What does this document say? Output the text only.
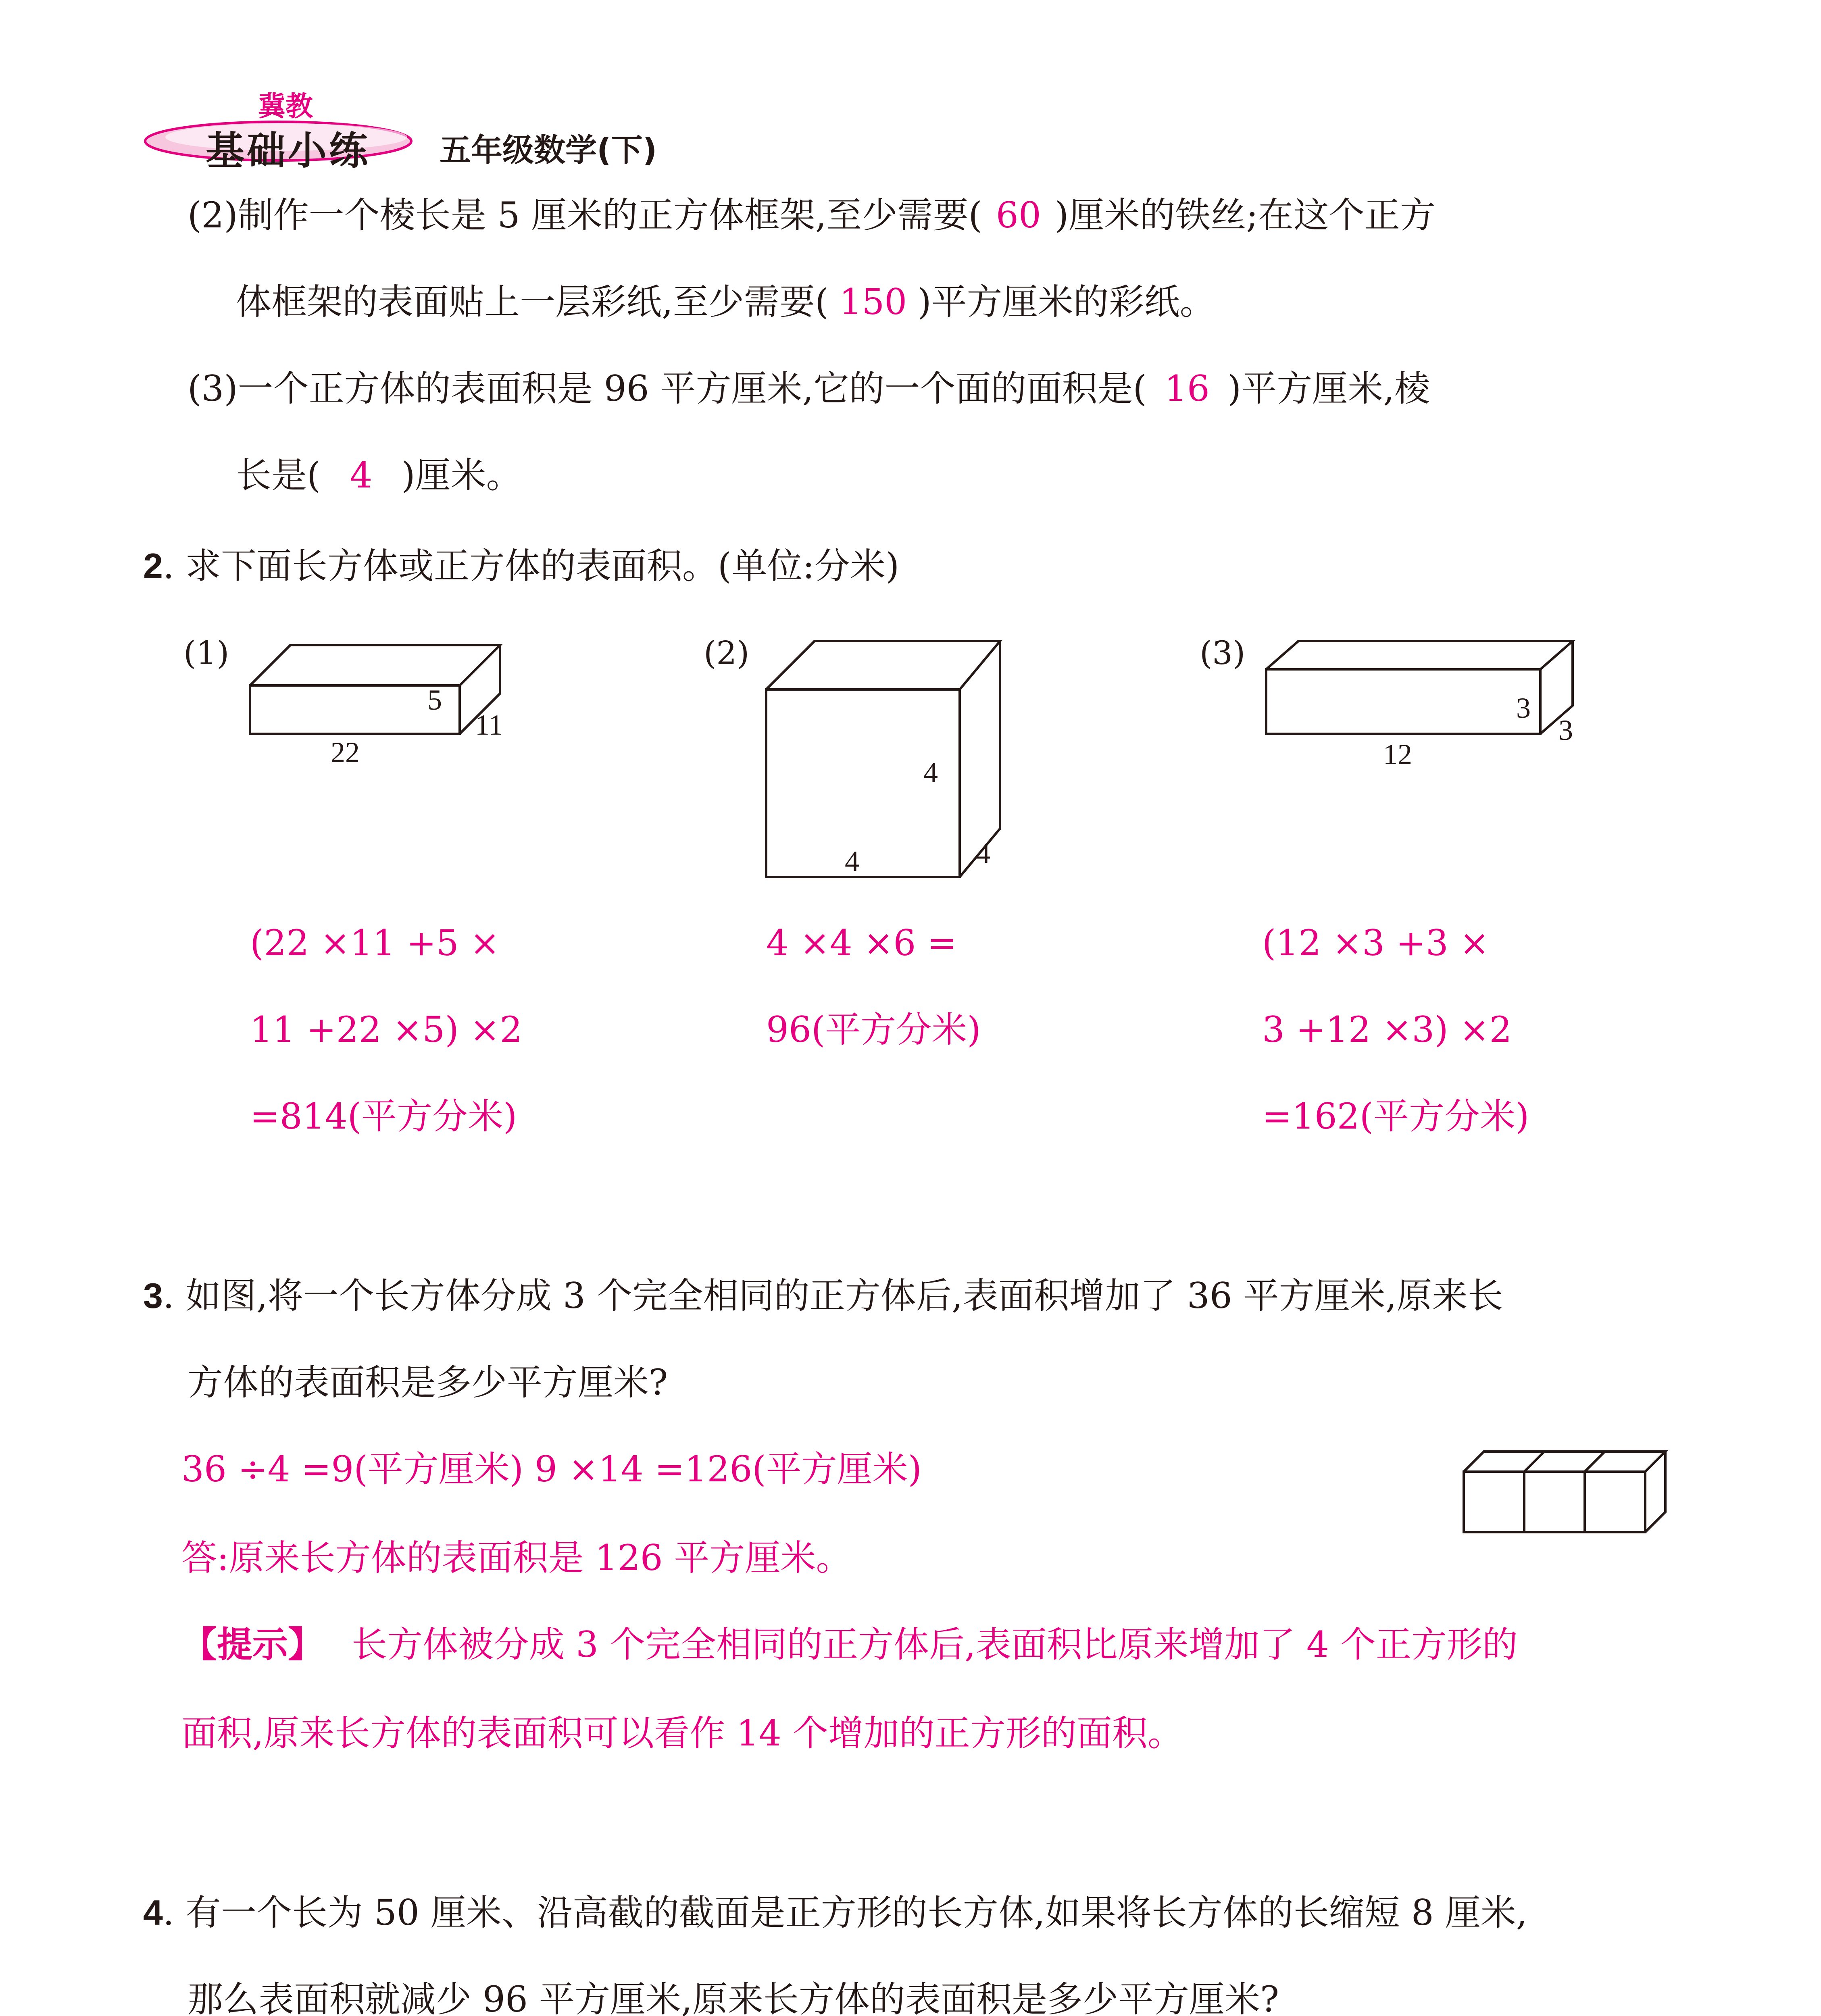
冀教
基础小练 五年级数学(下)
(2)制作一个棱长是 5 厘米的正方体框架,至少需要( 60 )厘米的铁丝;在这个正方
体框架的表面贴上一层彩纸,至少需要( 150 )平方厘米的彩纸。
(3)一个正方体的表面积是 96 平方厘米,它的一个面的面积是( 16 )平方厘米,棱
长是( 4 )厘米。
2. 求下面长方体或正方体的表面积。(单位:分米)
(1)
5
11
22
(2)
4
4	4
(3)
3
3
12
(22 ×11 +5 ×
11 +22 ×5) ×2
=814(平方分米)
4 ×4 ×6 =
96(平方分米)
(12 ×3 +3 ×
3 +12 ×3) ×2
=162(平方分米)
3. 如图,将一个长方体分成 3 个完全相同的正方体后,表面积增加了 36 平方厘米,原来长
方体的表面积是多少平方厘米?
36 ÷4 =9(平方厘米) 9 ×14 =126(平方厘米)
答:原来长方体的表面积是 126 平方厘米。
【提示】 长方体被分成 3 个完全相同的正方体后,表面积比原来增加了 4 个正方形的
面积,原来长方体的表面积可以看作 14 个增加的正方形的面积。
4. 有一个长为 50 厘米、沿高截的截面是正方形的长方体,如果将长方体的长缩短 8 厘米,
那么表面积就减少 96 平方厘米,原来长方体的表面积是多少平方厘米?
